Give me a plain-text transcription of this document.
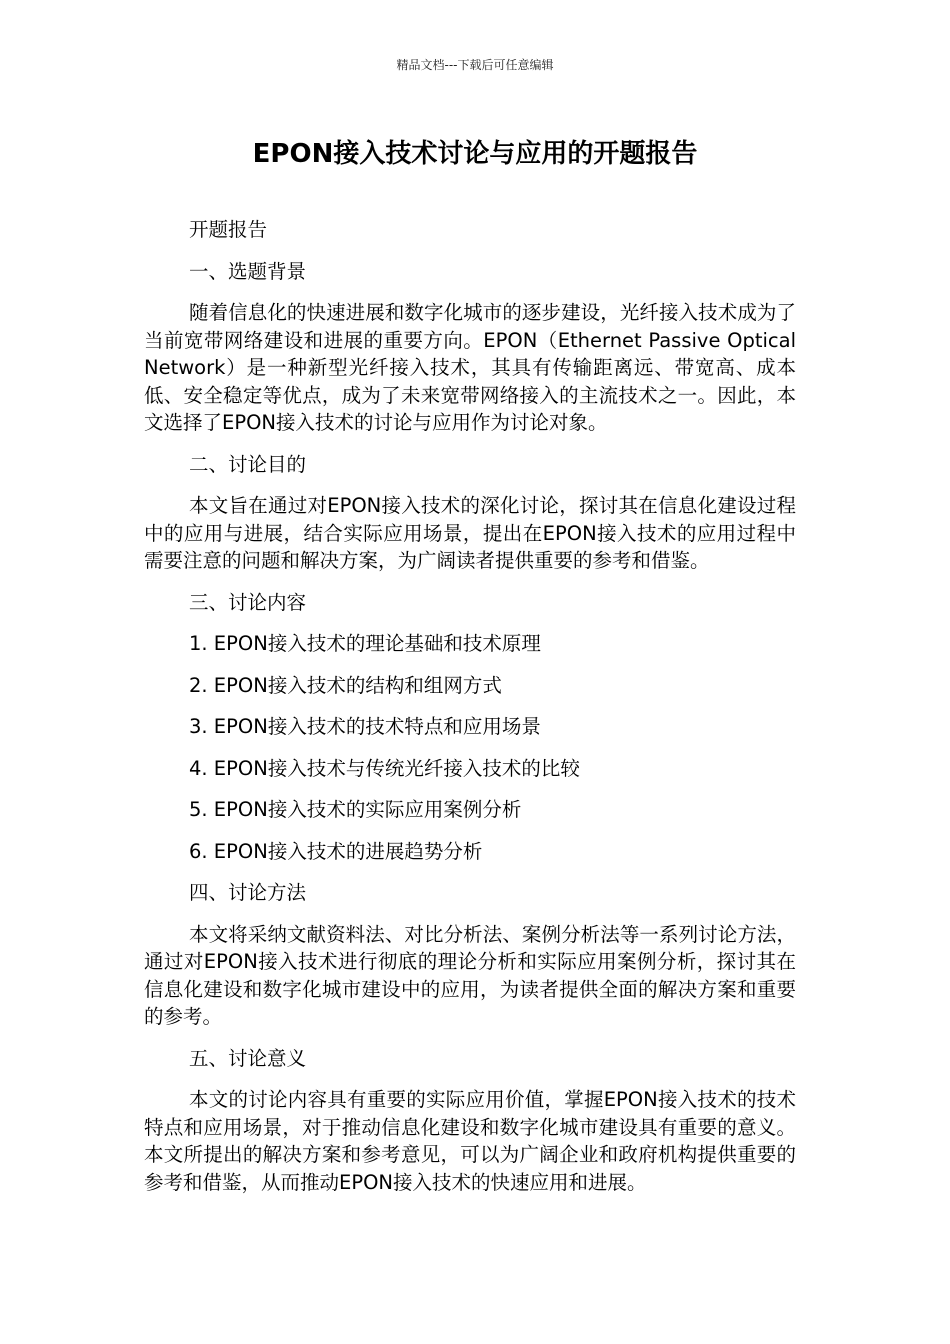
精品文档---下载后可任意编辑
EPON接入技术讨论与应用的开题报告

开题报告

一、选题背景

随着信息化的快速进展和数字化城市的逐步建设，光纤接入技术成为了当前宽带网络建设和进展的重要方向。EPON（Ethernet Passive Optical Network）是一种新型光纤接入技术，其具有传输距离远、带宽高、成本低、安全稳定等优点，成为了未来宽带网络接入的主流技术之一。因此，本文选择了EPON接入技术的讨论与应用作为讨论对象。

二、讨论目的

本文旨在通过对EPON接入技术的深化讨论，探讨其在信息化建设过程中的应用与进展，结合实际应用场景，提出在EPON接入技术的应用过程中需要注意的问题和解决方案，为广阔读者提供重要的参考和借鉴。

三、讨论内容

1. EPON接入技术的理论基础和技术原理

2. EPON接入技术的结构和组网方式

3. EPON接入技术的技术特点和应用场景

4. EPON接入技术与传统光纤接入技术的比较

5. EPON接入技术的实际应用案例分析

6. EPON接入技术的进展趋势分析

四、讨论方法

本文将采纳文献资料法、对比分析法、案例分析法等一系列讨论方法，通过对EPON接入技术进行彻底的理论分析和实际应用案例分析，探讨其在信息化建设和数字化城市建设中的应用，为读者提供全面的解决方案和重要的参考。

五、讨论意义

本文的讨论内容具有重要的实际应用价值，掌握EPON接入技术的技术特点和应用场景，对于推动信息化建设和数字化城市建设具有重要的意义。本文所提出的解决方案和参考意见，可以为广阔企业和政府机构提供重要的参考和借鉴，从而推动EPON接入技术的快速应用和进展。
